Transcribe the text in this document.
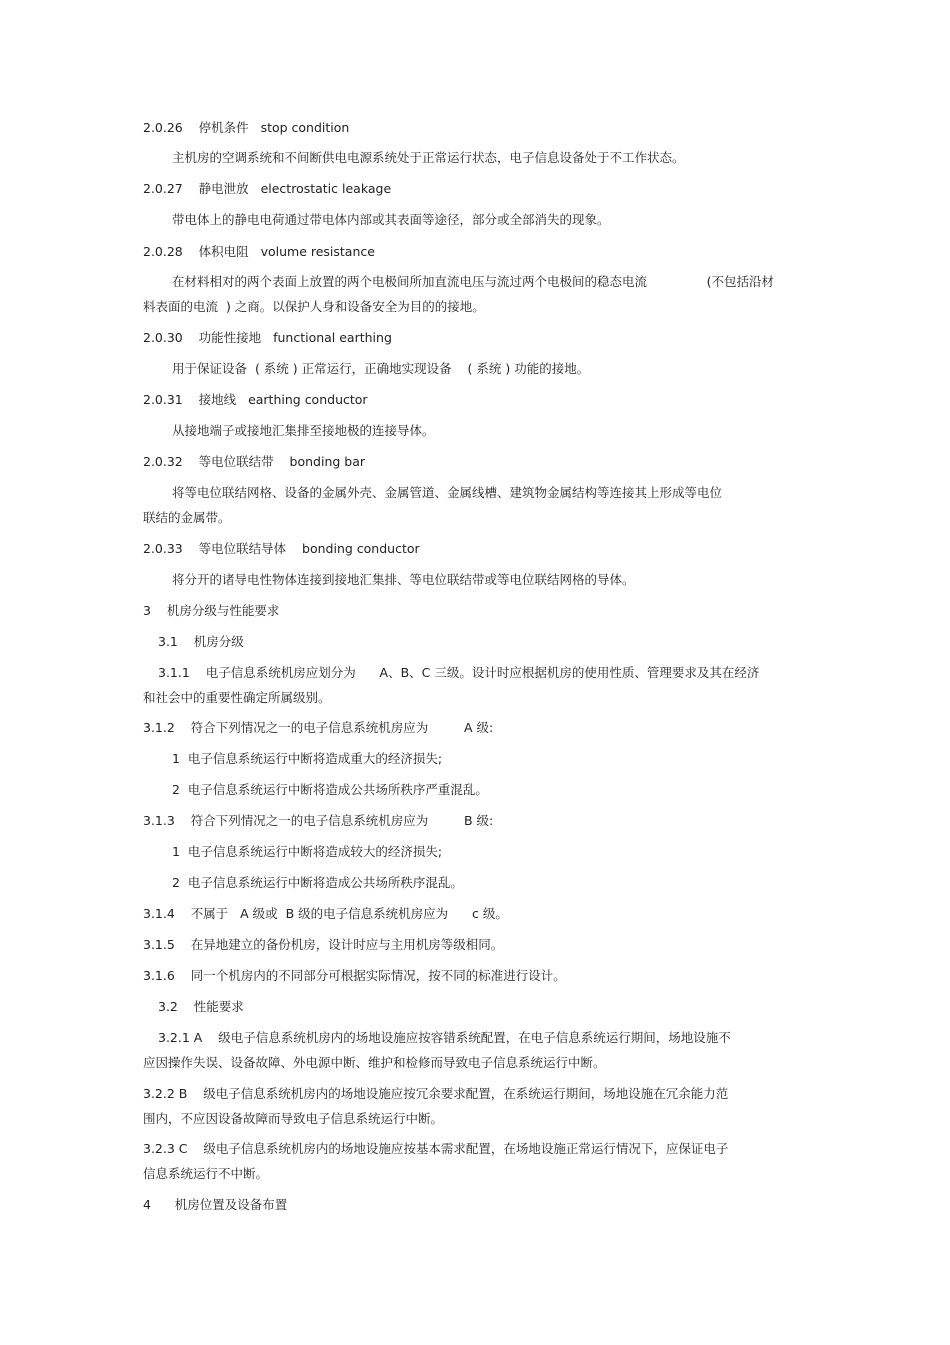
2.0.26    停机条件   stop condition

主机房的空调系统和不间断供电电源系统处于正常运行状态，电子信息设备处于不工作状态。

2.0.27    静电泄放   electrostatic leakage

带电体上的静电电荷通过带电体内部或其表面等途径，部分或全部消失的现象。

2.0.28    体积电阻   volume resistance

在材料相对的两个表面上放置的两个电极间所加直流电压与流过两个电极间的稳态电流               (不包括沿材

料表面的电流  ) 之商。以保护人身和设备安全为目的的接地。

2.0.30    功能性接地   functional earthing

用于保证设备  ( 系统 ) 正常运行，正确地实现设备    ( 系统 ) 功能的接地。

2.0.31    接地线   earthing conductor

从接地端子或接地汇集排至接地极的连接导体。

2.0.32    等电位联结带    bonding bar

将等电位联结网格、设备的金属外壳、金属管道、金属线槽、建筑物金属结构等连接其上形成等电位

联结的金属带。

2.0.33    等电位联结导体    bonding conductor

将分开的诸导电性物体连接到接地汇集排、等电位联结带或等电位联结网格的导体。

3    机房分级与性能要求

3.1    机房分级

3.1.1    电子信息系统机房应划分为      A、B、C 三级。设计时应根据机房的使用性质、管理要求及其在经济

和社会中的重要性确定所属级别。

3.1.2    符合下列情况之一的电子信息系统机房应为         A 级:

1  电子信息系统运行中断将造成重大的经济损失;

2  电子信息系统运行中断将造成公共场所秩序严重混乱。

3.1.3    符合下列情况之一的电子信息系统机房应为         B 级:

1  电子信息系统运行中断将造成较大的经济损失;

2  电子信息系统运行中断将造成公共场所秩序混乱。

3.1.4    不属于   A 级或  B 级的电子信息系统机房应为      c 级。

3.1.5    在异地建立的备份机房，设计时应与主用机房等级相同。

3.1.6    同一个机房内的不同部分可根据实际情况，按不同的标准进行设计。

3.2    性能要求

3.2.1 A    级电子信息系统机房内的场地设施应按容错系统配置，在电子信息系统运行期间，场地设施不

应因操作失误、设备故障、外电源中断、维护和检修而导致电子信息系统运行中断。

3.2.2 B    级电子信息系统机房内的场地设施应按冗余要求配置，在系统运行期间，场地设施在冗余能力范

围内，不应因设备故障而导致电子信息系统运行中断。

3.2.3 C    级电子信息系统机房内的场地设施应按基本需求配置，在场地设施正常运行情况下，应保证电子

信息系统运行不中断。

4      机房位置及设备布置
